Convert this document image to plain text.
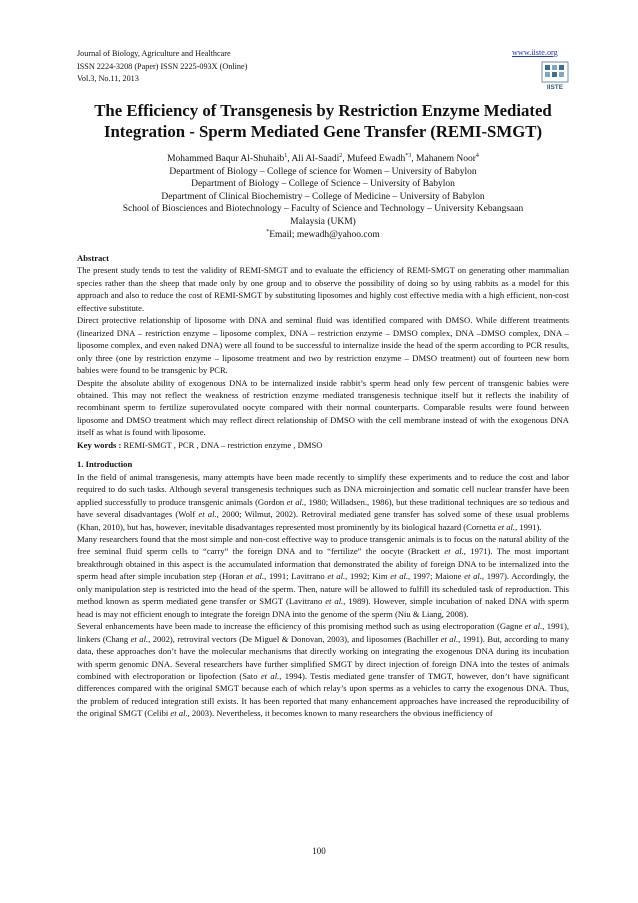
Journal of Biology, Agriculture and Healthcare
ISSN 2224-3208 (Paper) ISSN 2225-093X (Online)
Vol.3, No.11, 2013
www.iiste.org
IISTE
The Efficiency of Transgenesis by Restriction Enzyme Mediated
Integration - Sperm Mediated Gene Transfer (REMI-SMGT)
Mohammed Baqur Al-Shuhaib$^1$, Ali Al-Saadi$^2$, Mufeed Ewadh$^{*3}$, Mahanem Noor$^4$
Department of Biology – College of science for Women – University of Babylon
Department of Biology – College of Science – University of Babylon
Department of Clinical Biochemistry – College of Medicine – University of Babylon
School of Biosciences and Biotechnology – Faculty of Science and Technology – University Kebangsaan
Malaysia (UKM)
*Email; mewadh@yahoo.com

Abstract

The present study tends to test the validity of REMI-SMGT and to evaluate the efficiency of REMI-SMGT on generating other mammalian species rather than the sheep that made only by one group and to observe the possibility of doing so by using rabbits as a model for this approach and also to reduce the cost of REMI-SMGT by substituting liposomes and highly cost effective media with a high efficient, non-cost effective substitute.

Direct protective relationship of liposome with DNA and seminal fluid was identified compared with DMSO. While different treatments (linearized DNA – restriction enzyme – liposome complex, DNA – restriction enzyme – DMSO complex, DNA –DMSO complex, DNA –liposome complex, and even naked DNA) were all found to be successful to internalize inside the head of the sperm according to PCR results, only three (one by restriction enzyme – liposome treatment and two by restriction enzyme – DMSO treatment) out of fourteen new born babies were found to be transgenic by PCR.

Despite the absolute ability of exogenous DNA to be internalized inside rabbit’s sperm head only few percent of transgenic babies were obtained. This may not reflect the weakness of restriction enzyme mediated transgenesis technique itself but it reflects the inability of recombinant sperm to fertilize superovulated oocyte compared with their normal counterparts. Comparable results were found between liposome and DMSO treatment which may reflect direct relationship of DMSO with the cell membrane instead of with the exogenous DNA itself as what is found with liposome.

Key words : REMI-SMGT , PCR , DNA – restriction enzyme , DMSO

1. Introduction

In the field of animal transgenesis, many attempts have been made recently to simplify these experiments and to reduce the cost and labor required to do such tasks. Although several transgenesis techniques such as DNA microinjection and somatic cell nuclear transfer have been applied successfully to produce transgenic animals (Gordon et al., 1980; Willadsen., 1986), but these traditional techniques are so tedious and have several disadvantages (Wolf et al., 2000; Wilmut, 2002). Retroviral mediated gene transfer has solved some of these usual problems (Khan, 2010), but has, however, inevitable disadvantages represented most prominently by its biological hazard (Cornetta et al., 1991).

Many researchers found that the most simple and non-cost effective way to produce transgenic animals is to focus on the natural ability of the free seminal fluid sperm cells to “carry” the foreign DNA and to “fertilize” the oocyte (Brackett et al., 1971). The most important breakthrough obtained in this aspect is the accumulated information that demonstrated the ability of foreign DNA to be internalized into the sperm head after simple incubation step (Horan et al., 1991; Lavitrano et al., 1992; Kim et al., 1997; Maione et al., 1997). Accordingly, the only manipulation step is restricted into the head of the sperm. Then, nature will be allowed to fulfill its scheduled task of reproduction. This method known as sperm mediated gene transfer or SMGT (Lavitrano et al., 1989). However, simple incubation of naked DNA with sperm head is may not efficient enough to integrate the foreign DNA into the genome of the sperm (Niu & Liang, 2008).

Several enhancements have been made to increase the efficiency of this promising method such as using electroporation (Gagne et al., 1991), linkers (Chang et al., 2002), retroviral vectors (De Miguel & Donovan, 2003), and liposomes (Bachiller et al., 1991). But, according to many data, these approaches don’t have the molecular mechanisms that directly working on integrating the exogenous DNA during its incubation with sperm genomic DNA. Several researchers have further simplified SMGT by direct injection of foreign DNA into the testes of animals combined with electroporation or lipofection (Sato et al., 1994). Testis mediated gene transfer of TMGT, however, don’t have significant differences compared with the original SMGT because each of which relay’s upon sperms as a vehicles to carry the exogenous DNA. Thus, the problem of reduced integration still exists. It has been reported that many enhancement approaches have increased the reproducibility of the original SMGT (Celibi et al., 2003). Nevertheless, it becomes known to many researchers the obvious inefficiency of

100
